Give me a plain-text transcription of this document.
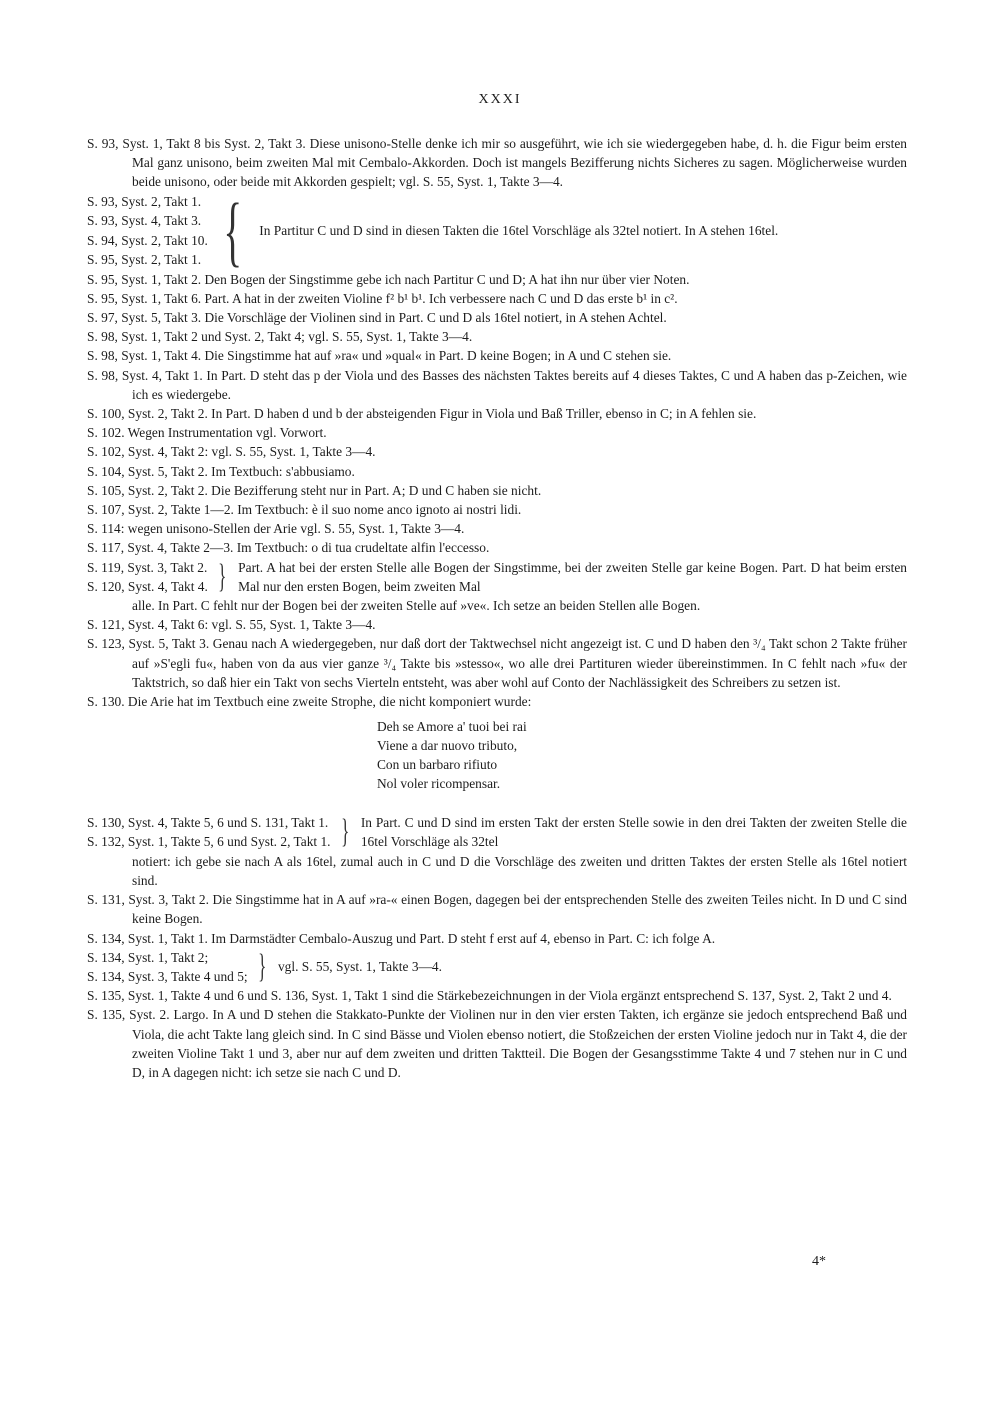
XXXI

S. 93, Syst. 1, Takt 8 bis Syst. 2, Takt 3. Diese unisono-Stelle denke ich mir so ausgeführt, wie ich sie wiedergegeben habe, d. h. die Figur beim ersten Mal ganz unisono, beim zweiten Mal mit Cembalo-Akkorden. Doch ist mangels Bezifferung nichts Sicheres zu sagen. Möglicherweise wurden beide unisono, oder beide mit Akkorden gespielt; vgl. S. 55, Syst. 1, Takte 3—4.

S. 93, Syst. 2, Takt 1.
S. 93, Syst. 4, Takt 3.
S. 94, Syst. 2, Takt 10.
S. 95, Syst. 2, Takt 1. { In Partitur C und D sind in diesen Takten die 16tel Vorschläge als 32tel notiert. In A stehen 16tel.

S. 95, Syst. 1, Takt 2. Den Bogen der Singstimme gebe ich nach Partitur C und D; A hat ihn nur über vier Noten.

S. 95, Syst. 1, Takt 6. Part. A hat in der zweiten Violine f² b¹ b¹. Ich verbessere nach C und D das erste b¹ in c².

S. 97, Syst. 5, Takt 3. Die Vorschläge der Violinen sind in Part. C und D als 16tel notiert, in A stehen Achtel.

S. 98, Syst. 1, Takt 2 und Syst. 2, Takt 4; vgl. S. 55, Syst. 1, Takte 3—4.

S. 98, Syst. 1, Takt 4. Die Singstimme hat auf »ra« und »qual« in Part. D keine Bogen; in A und C stehen sie.

S. 98, Syst. 4, Takt 1. In Part. D steht das p der Viola und des Basses des nächsten Taktes bereits auf 4 dieses Taktes, C und A haben das p-Zeichen, wie ich es wiedergebe.

S. 100, Syst. 2, Takt 2. In Part. D haben d und b der absteigenden Figur in Viola und Baß Triller, ebenso in C; in A fehlen sie.

S. 102. Wegen Instrumentation vgl. Vorwort.

S. 102, Syst. 4, Takt 2: vgl. S. 55, Syst. 1, Takte 3—4.

S. 104, Syst. 5, Takt 2. Im Textbuch: s'abbusiamo.

S. 105, Syst. 2, Takt 2. Die Bezifferung steht nur in Part. A; D und C haben sie nicht.

S. 107, Syst. 2, Takte 1—2. Im Textbuch: è il suo nome anco ignoto ai nostri lidi.

S. 114: wegen unisono-Stellen der Arie vgl. S. 55, Syst. 1, Takte 3—4.

S. 117, Syst. 4, Takte 2—3. Im Textbuch: o di tua crudeltate alfin l'eccesso.

S. 119, Syst. 3, Takt 2.
S. 120, Syst. 4, Takt 4. } Part. A hat bei der ersten Stelle alle Bogen der Singstimme, bei der zweiten Stelle gar keine Bogen. Part. D hat beim ersten Mal nur den ersten Bogen, beim zweiten Mal
alle. In Part. C fehlt nur der Bogen bei der zweiten Stelle auf »ve«. Ich setze an beiden Stellen alle Bogen.

S. 121, Syst. 4, Takt 6: vgl. S. 55, Syst. 1, Takte 3—4.

S. 123, Syst. 5, Takt 3. Genau nach A wiedergegeben, nur daß dort der Taktwechsel nicht angezeigt ist. C und D haben den ³/₄ Takt schon 2 Takte früher auf »S'egli fu«, haben von da aus vier ganze ³/₄ Takte bis »stesso«, wo alle drei Partituren wieder übereinstimmen. In C fehlt nach »fu« der Taktstrich, so daß hier ein Takt von sechs Vierteln entsteht, was aber wohl auf Conto der Nachlässigkeit des Schreibers zu setzen ist.

S. 130. Die Arie hat im Textbuch eine zweite Strophe, die nicht komponiert wurde:

Deh se Amore a' tuoi bei rai
Viene a dar nuovo tributo,
Con un barbaro rifiuto
Nol voler ricompensar.
S. 130, Syst. 4, Takte 5, 6 und S. 131, Takt 1.
S. 132, Syst. 1, Takte 5, 6 und Syst. 2, Takt 1. } In Part. C und D sind im ersten Takt der ersten Stelle sowie in den drei Takten der zweiten Stelle die 16tel Vorschläge als 32tel
notiert: ich gebe sie nach A als 16tel, zumal auch in C und D die Vorschläge des zweiten und dritten Taktes der ersten Stelle als 16tel notiert sind.

S. 131, Syst. 3, Takt 2. Die Singstimme hat in A auf »ra-« einen Bogen, dagegen bei der entsprechenden Stelle des zweiten Teiles nicht. In D und C sind keine Bogen.

S. 134, Syst. 1, Takt 1. Im Darmstädter Cembalo-Auszug und Part. D steht f erst auf 4, ebenso in Part. C: ich folge A.

S. 134, Syst. 1, Takt 2;
S. 134, Syst. 3, Takte 4 und 5; } vgl. S. 55, Syst. 1, Takte 3—4.

S. 135, Syst. 1, Takte 4 und 6 und S. 136, Syst. 1, Takt 1 sind die Stärkebezeichnungen in der Viola ergänzt entsprechend S. 137, Syst. 2, Takt 2 und 4.

S. 135, Syst. 2. Largo. In A und D stehen die Stakkato-Punkte der Violinen nur in den vier ersten Takten, ich ergänze sie jedoch entsprechend Baß und Viola, die acht Takte lang gleich sind. In C sind Bässe und Violen ebenso notiert, die Stoßzeichen der ersten Violine jedoch nur in Takt 4, die der zweiten Violine Takt 1 und 3, aber nur auf dem zweiten und dritten Taktteil. Die Bogen der Gesangsstimme Takte 4 und 7 stehen nur in C und D, in A dagegen nicht: ich setze sie nach C und D.

4*
